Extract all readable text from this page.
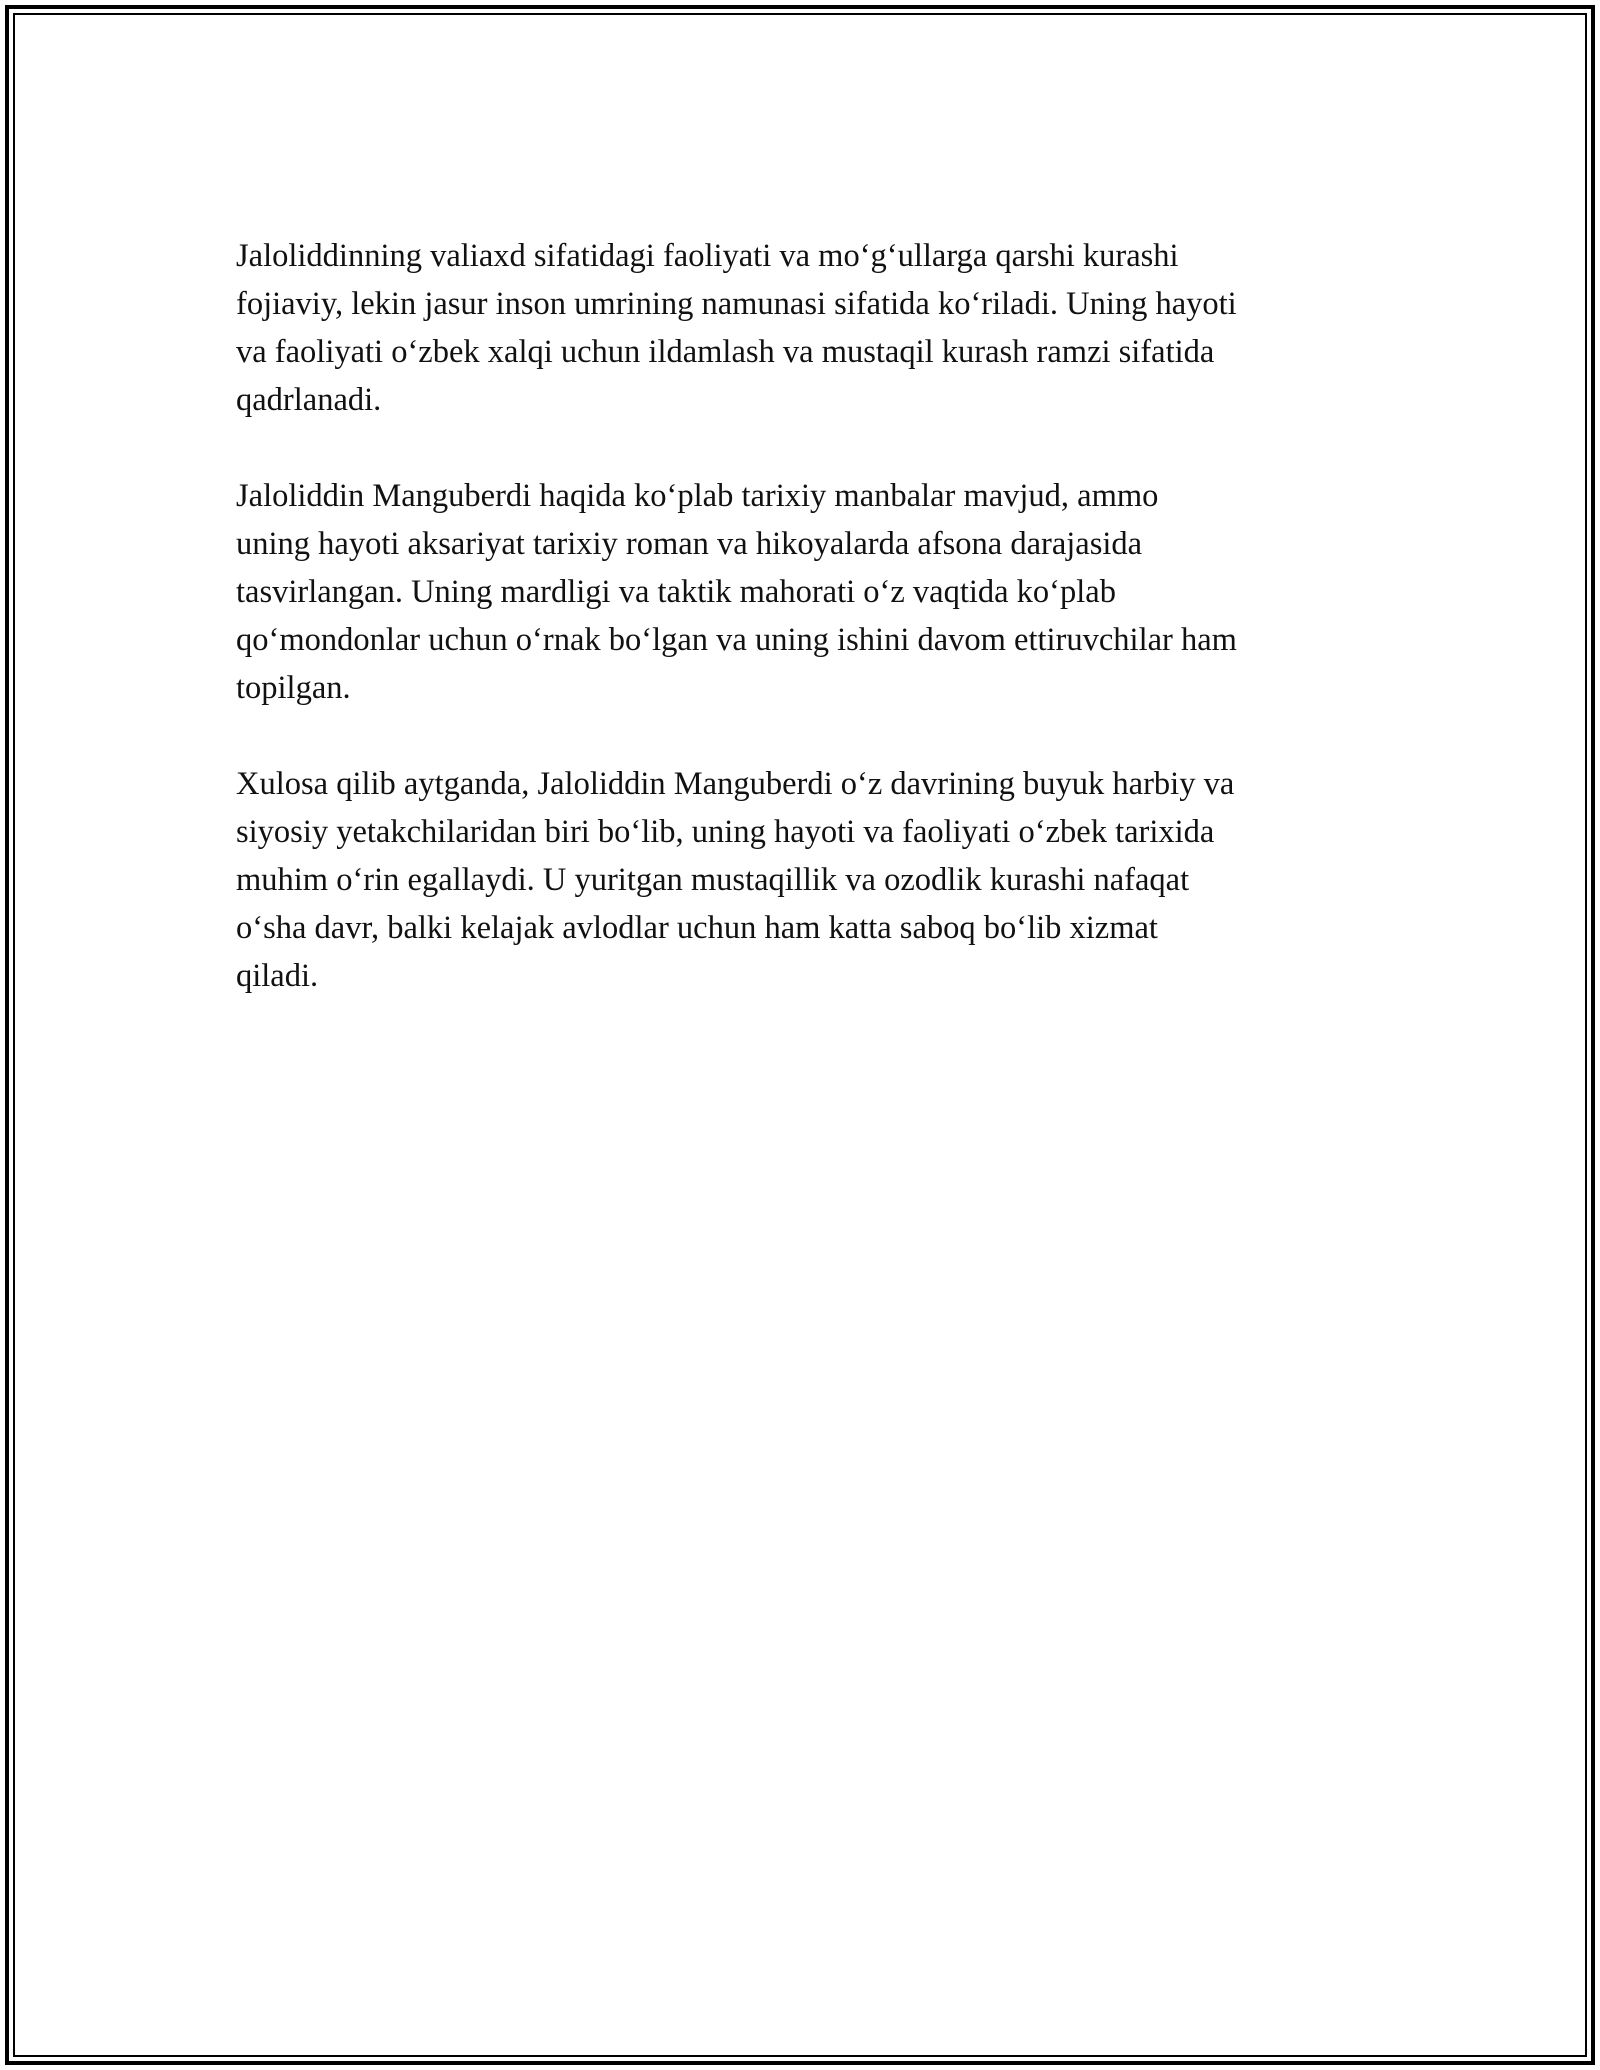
Jaloliddinning valiaxd sifatidagi faoliyati va mo‘g‘ullarga qarshi kurashi
fojiaviy, lekin jasur inson umrining namunasi sifatida ko‘riladi. Uning hayoti
va faoliyati o‘zbek xalqi uchun ildamlash va mustaqil kurash ramzi sifatida
qadrlanadi.

Jaloliddin Manguberdi haqida ko‘plab tarixiy manbalar mavjud, ammo
uning hayoti aksariyat tarixiy roman va hikoyalarda afsona darajasida
tasvirlangan. Uning mardligi va taktik mahorati o‘z vaqtida ko‘plab
qo‘mondonlar uchun o‘rnak bo‘lgan va uning ishini davom ettiruvchilar ham
topilgan.

Xulosa qilib aytganda, Jaloliddin Manguberdi o‘z davrining buyuk harbiy va
siyosiy yetakchilaridan biri bo‘lib, uning hayoti va faoliyati o‘zbek tarixida
muhim o‘rin egallaydi. U yuritgan mustaqillik va ozodlik kurashi nafaqat
o‘sha davr, balki kelajak avlodlar uchun ham katta saboq bo‘lib xizmat
qiladi.
